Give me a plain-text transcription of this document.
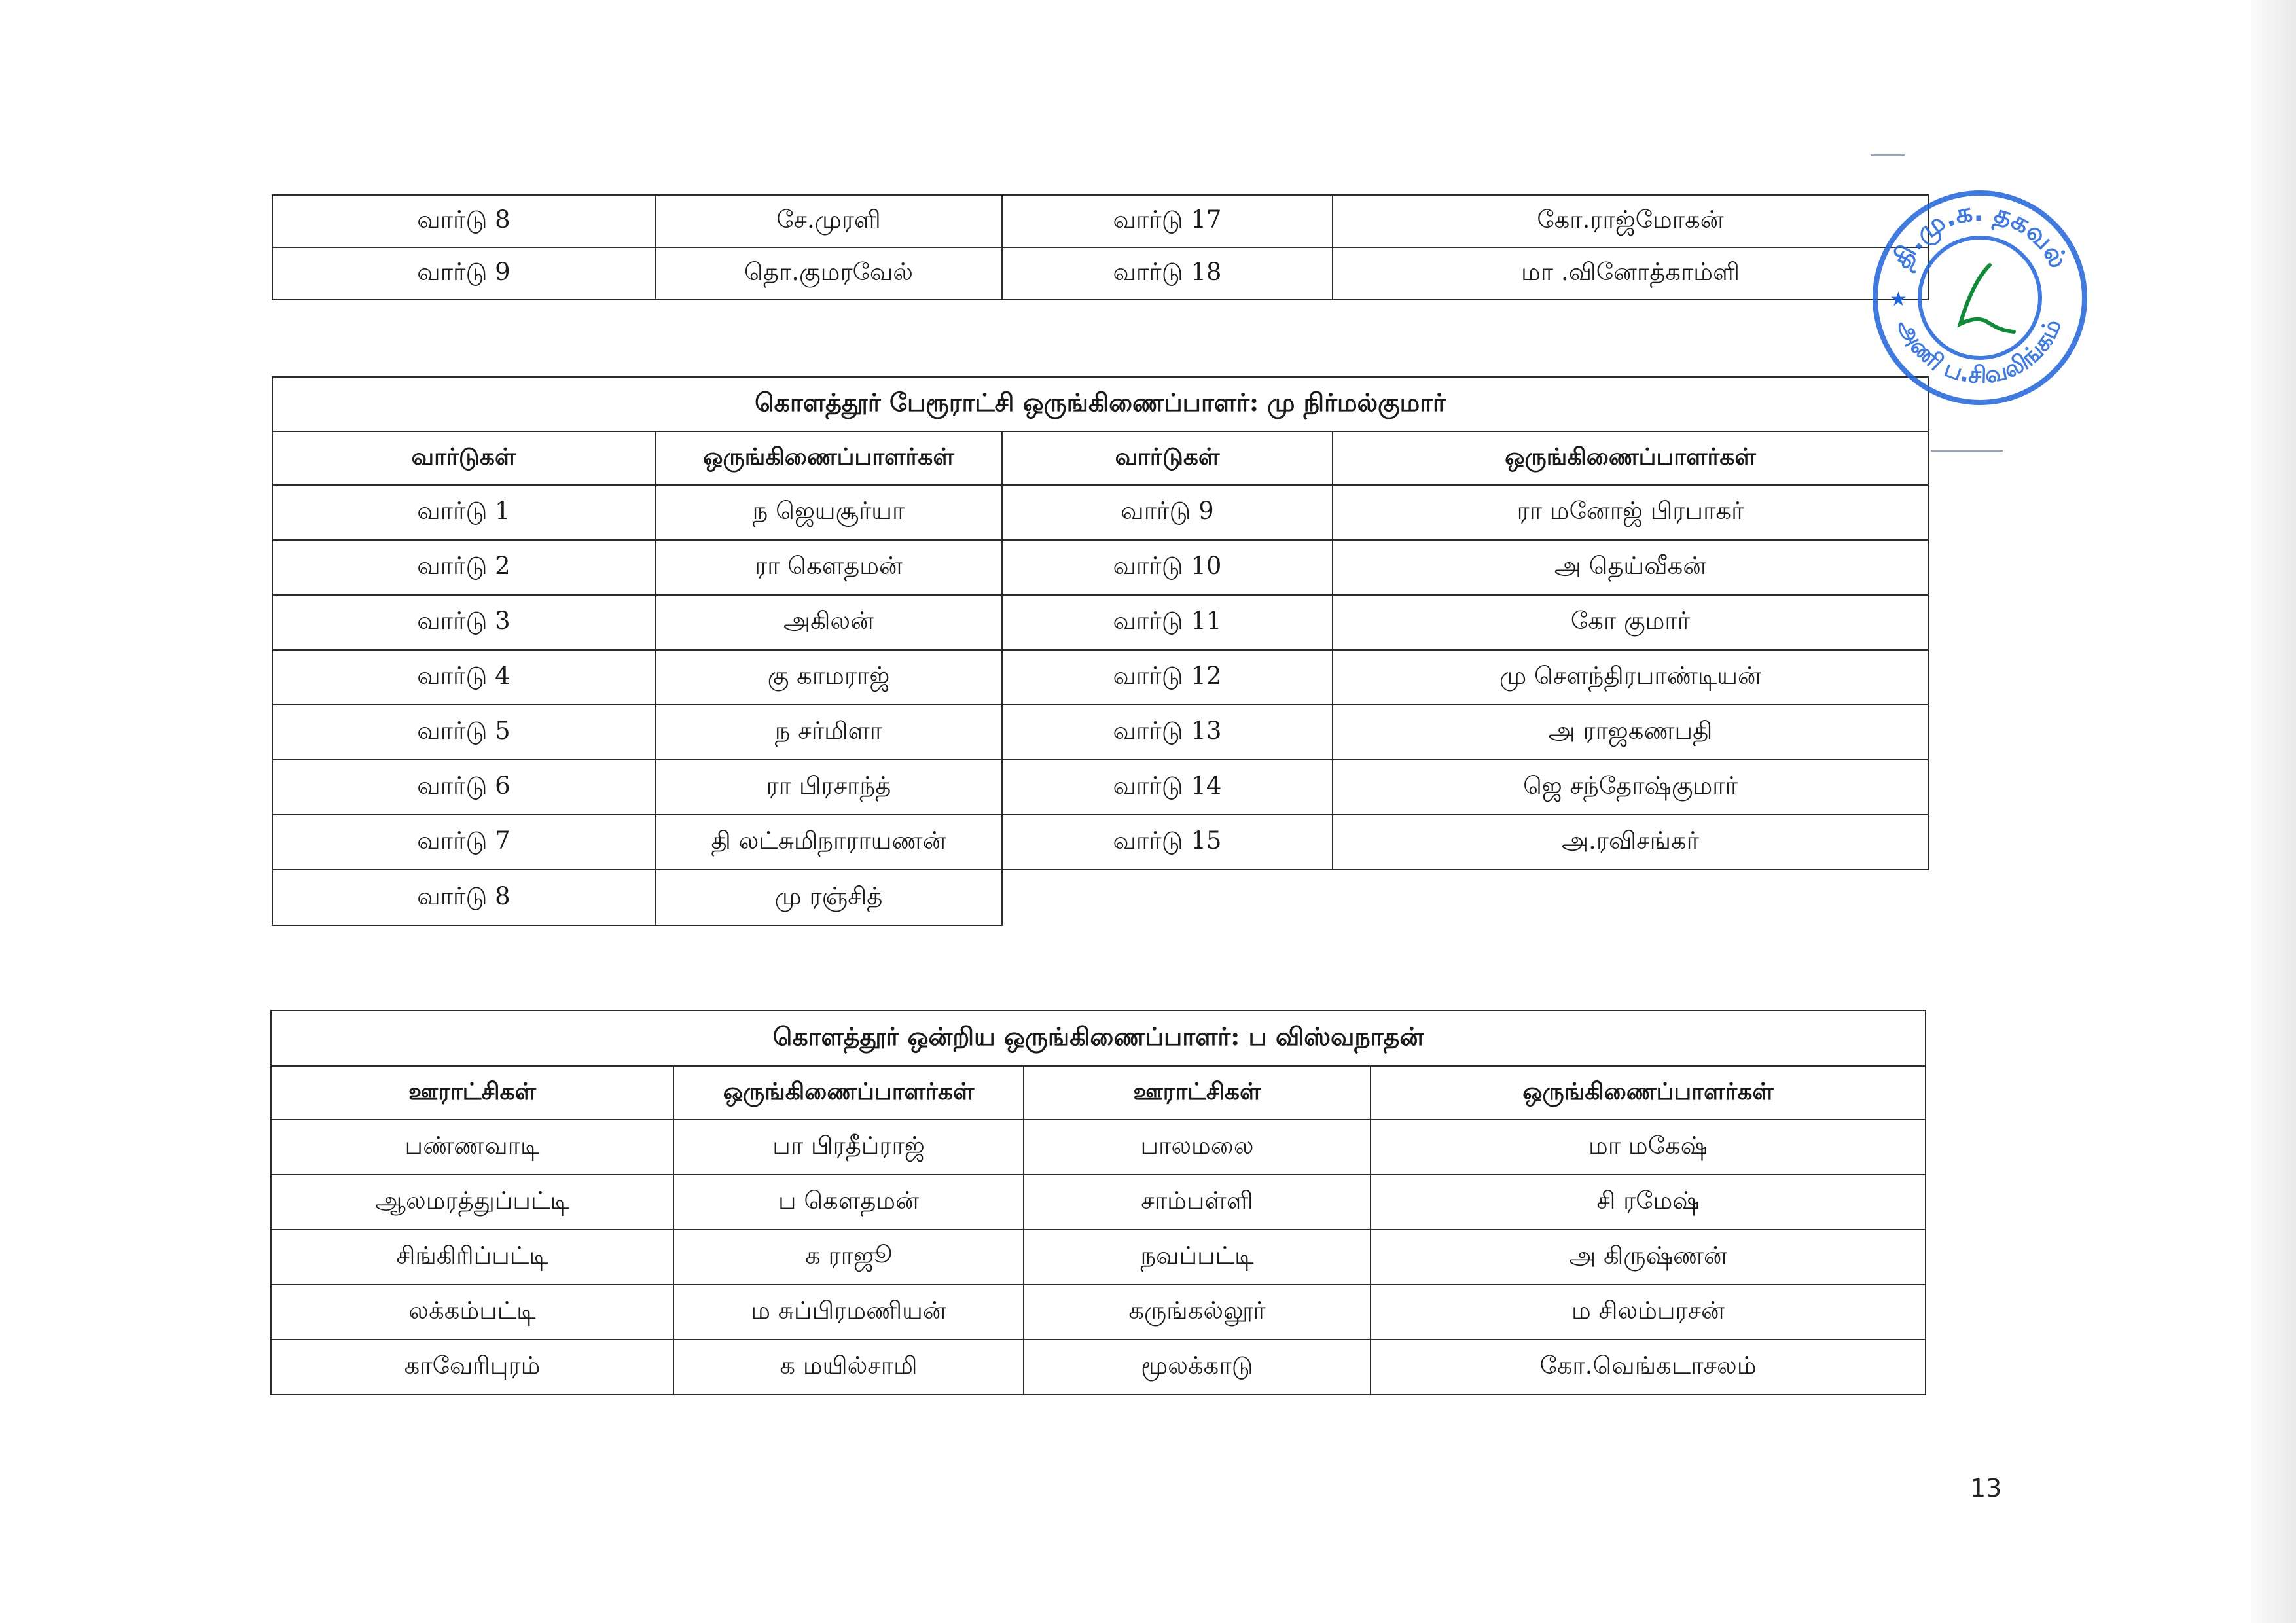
வார்டு 8	சே.முரளி	வார்டு 17	கோ.ராஜ்மோகன்
வார்டு 9	தொ.குமரவேல்	வார்டு 18	மா .வினோத்காம்ளி
கொளத்தூர் பேரூராட்சி ஒருங்கிணைப்பாளர்: மு நிர்மல்குமார்			
வார்டுகள்	ஒருங்கிணைப்பாளர்கள்	வார்டுகள்	ஒருங்கிணைப்பாளர்கள்
வார்டு 1	ந ஜெயசூர்யா	வார்டு 9	ரா மனோஜ் பிரபாகர்
வார்டு 2	ரா கௌதமன்	வார்டு 10	அ தெய்வீகன்
வார்டு 3	அகிலன்	வார்டு 11	கோ குமார்
வார்டு 4	கு காமராஜ்	வார்டு 12	மு சௌந்திரபாண்டியன்
வார்டு 5	ந சர்மிளா	வார்டு 13	அ ராஜகணபதி
வார்டு 6	ரா பிரசாந்த்	வார்டு 14	ஜெ சந்தோஷ்குமார்
வார்டு 7	தி லட்சுமிநாராயணன்	வார்டு 15	அ.ரவிசங்கர்
வார்டு 8	மு ரஞ்சித்		
கொளத்தூர் ஒன்றிய ஒருங்கிணைப்பாளர்: ப விஸ்வநாதன்			
ஊராட்சிகள்	ஒருங்கிணைப்பாளர்கள்	ஊராட்சிகள்	ஒருங்கிணைப்பாளர்கள்
பண்ணவாடி	பா பிரதீப்ராஜ்	பாலமலை	மா மகேஷ்
ஆலமரத்துப்பட்டி	ப கௌதமன்	சாம்பள்ளி	சி ரமேஷ்
சிங்கிரிப்பட்டி	க ராஜூ	நவப்பட்டி	அ கிருஷ்ணன்
லக்கம்பட்டி	ம சுப்பிரமணியன்	கருங்கல்லூர்	ம சிலம்பரசன்
காவேரிபுரம்	க மயில்சாமி	மூலக்காடு	கோ.வெங்கடாசலம்
தி.மு.க. தகவல்
அணி ப.சிவலிங்கம்
★
13
